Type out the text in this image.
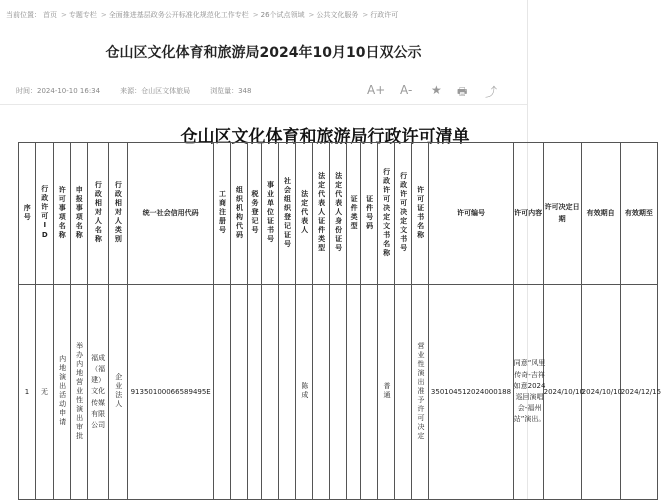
当前位置： 首页 > 专题专栏 > 全面推进基层政务公开标准化规范化工作专栏 > 26个试点领域 > 公共文化服务 > 行政许可
仓山区文化体育和旅游局2024年10月10日双公示
时间：2024-10-10 16:34	来源：仓山区文体旅局	浏览量：348	A+ A- ★ 🖶 ⤴
仓山区文化体育和旅游局行政许可清单
序号	行政许可ID	许可事项名称	申报事项名称	行政相对人名称	行政相对人类别	统一社会信用代码	工商注册号	组织机构代码	税务登记号	事业单位证书号	社会组织登记证号	法定代表人	法定代表人证件类型	法定代表人身份证号	证件类型	证件号码	行政许可决定文书名称	行政许可决定文书号	许可证书名称	许可编号	许可内容	许可决定日期	有效期自	有效期至

1	无	内地演出活动申请	举办内地营业性演出审批	福成（福建）文化传媒有限公司	企业法人	91350100066589495E						陈成					普通		营业性演出准予许可决定	350104512024000188	同意“风里传奇-吉祥如意2024巡回演唱会-福州站”演出。	2024/10/10	2024/10/10	2024/12/15
